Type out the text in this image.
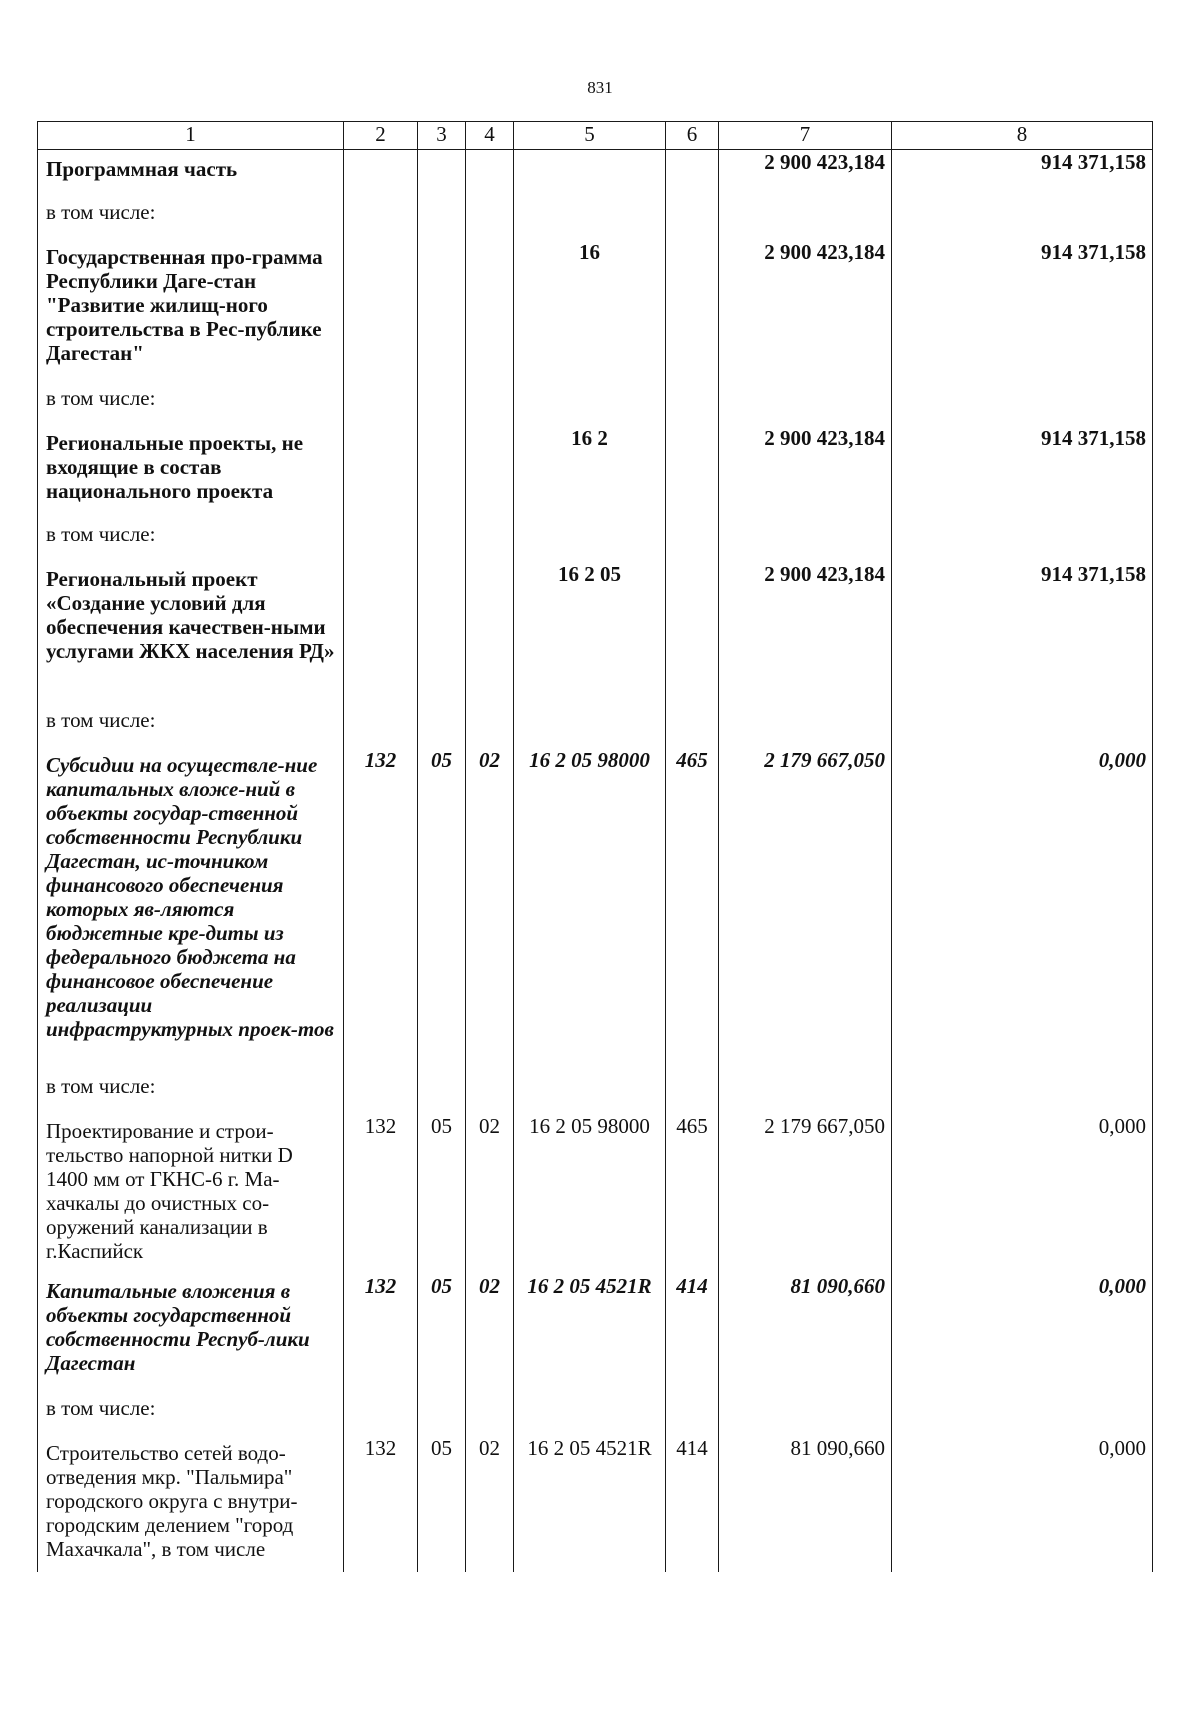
831
1	2	3	4	5	6	7	8
Программная часть						2 900 423,184	914 371,158
в том числе:							
Государственная про-грамма Республики Даге-стан "Развитие жилищ-ного строительства в Рес-публике Дагестан"				16		2 900 423,184	914 371,158
в том числе:							
Региональные проекты, не входящие в состав национального проекта				16 2		2 900 423,184	914 371,158
в том числе:							
Региональный проект «Создание условий для обеспечения качествен-ными услугами ЖКХ населения РД»				16 2 05		2 900 423,184	914 371,158
в том числе:							
Субсидии на осуществле-ние капитальных вложе-ний в объекты государ-ственной собственности Республики Дагестан, ис-точником финансового обеспечения которых яв-ляются бюджетные кре-диты из федерального бюджета на финансовое обеспечение реализации инфраструктурных проек-тов	132	05	02	16 2 05 98000	465	2 179 667,050	0,000
в том числе:							
Проектирование и строи-тельство напорной нитки D 1400 мм от ГКНС-6 г. Ма-хачкалы до очистных со-оружений канализации в г.Каспийск	132	05	02	16 2 05 98000	465	2 179 667,050	0,000
Капитальные вложения в объекты государственной собственности Респуб-лики Дагестан	132	05	02	16 2 05 4521R	414	81 090,660	0,000
в том числе:							
Строительство сетей водо-отведения мкр. "Пальмира" городского округа с внутри-городским делением "город Махачкала", в том числе	132	05	02	16 2 05 4521R	414	81 090,660	0,000
